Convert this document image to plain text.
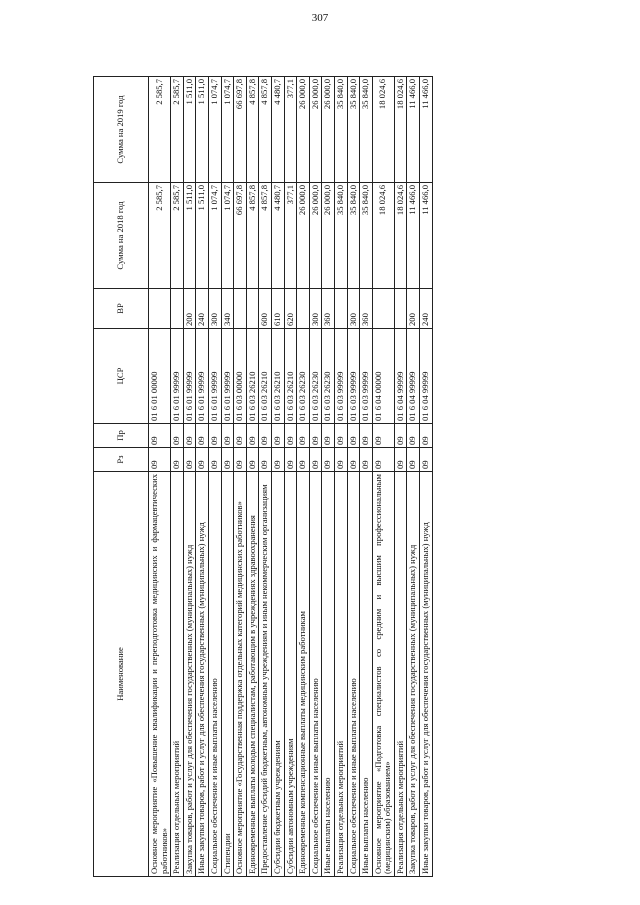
307
Наименование	Рз	Пр	ЦСР	ВР	Сумма на 2018 год	Сумма на 2019 год
Основное мероприятие «Повышение квалификации и переподготовка медицинских и фармацевтических работников»	09	09	01 6 01 00000		2 585,7	2 585,7
Реализация отдельных мероприятий	09	09	01 6 01 99999		2 585,7	2 585,7
Закупка товаров, работ и услуг для обеспечения государственных (муниципальных) нужд	09	09	01 6 01 99999	200	1 511,0	1 511,0
Иные закупки товаров, работ и услуг для обеспечения государственных (муниципальных) нужд	09	09	01 6 01 99999	240	1 511,0	1 511,0
Социальное обеспечение и иные выплаты населению	09	09	01 6 01 99999	300	1 074,7	1 074,7
Стипендии	09	09	01 6 01 99999	340	1 074,7	1 074,7
Основное мероприятие «Государственная поддержка отдельных категорий медицинских работников»	09	09	01 6 03 00000		66 697,8	66 697,8
Единовременные выплаты молодым специалистам, работающим в учреждениях здравоохранения	09	09	01 6 03 26210		4 857,8	4 857,8
Предоставление субсидий бюджетным, автономным учреждениям и иным некоммерческим организациям	09	09	01 6 03 26210	600	4 857,8	4 857,8
Субсидии бюджетным учреждениям	09	09	01 6 03 26210	610	4 480,7	4 480,7
Субсидии автономным учреждениям	09	09	01 6 03 26210	620	377,1	377,1
Единовременные компенсационные выплаты медицинским работникам	09	09	01 6 03 26230		26 000,0	26 000,0
Социальное обеспечение и иные выплаты населению	09	09	01 6 03 26230	300	26 000,0	26 000,0
Иные выплаты населению	09	09	01 6 03 26230	360	26 000,0	26 000,0
Реализация отдельных мероприятий	09	09	01 6 03 99999		35 840,0	35 840,0
Социальное обеспечение и иные выплаты населению	09	09	01 6 03 99999	300	35 840,0	35 840,0
Иные выплаты населению	09	09	01 6 03 99999	360	35 840,0	35 840,0
Основное мероприятие «Подготовка специалистов со средним и высшим профессиональным (медицинским) образованием»	09	09	01 6 04 00000		18 024,6	18 024,6
Реализация отдельных мероприятий	09	09	01 6 04 99999		18 024,6	18 024,6
Закупка товаров, работ и услуг для обеспечения государственных (муниципальных) нужд	09	09	01 6 04 99999	200	11 466,0	11 466,0
Иные закупки товаров, работ и услуг для обеспечения государственных (муниципальных) нужд	09	09	01 6 04 99999	240	11 466,0	11 466,0
